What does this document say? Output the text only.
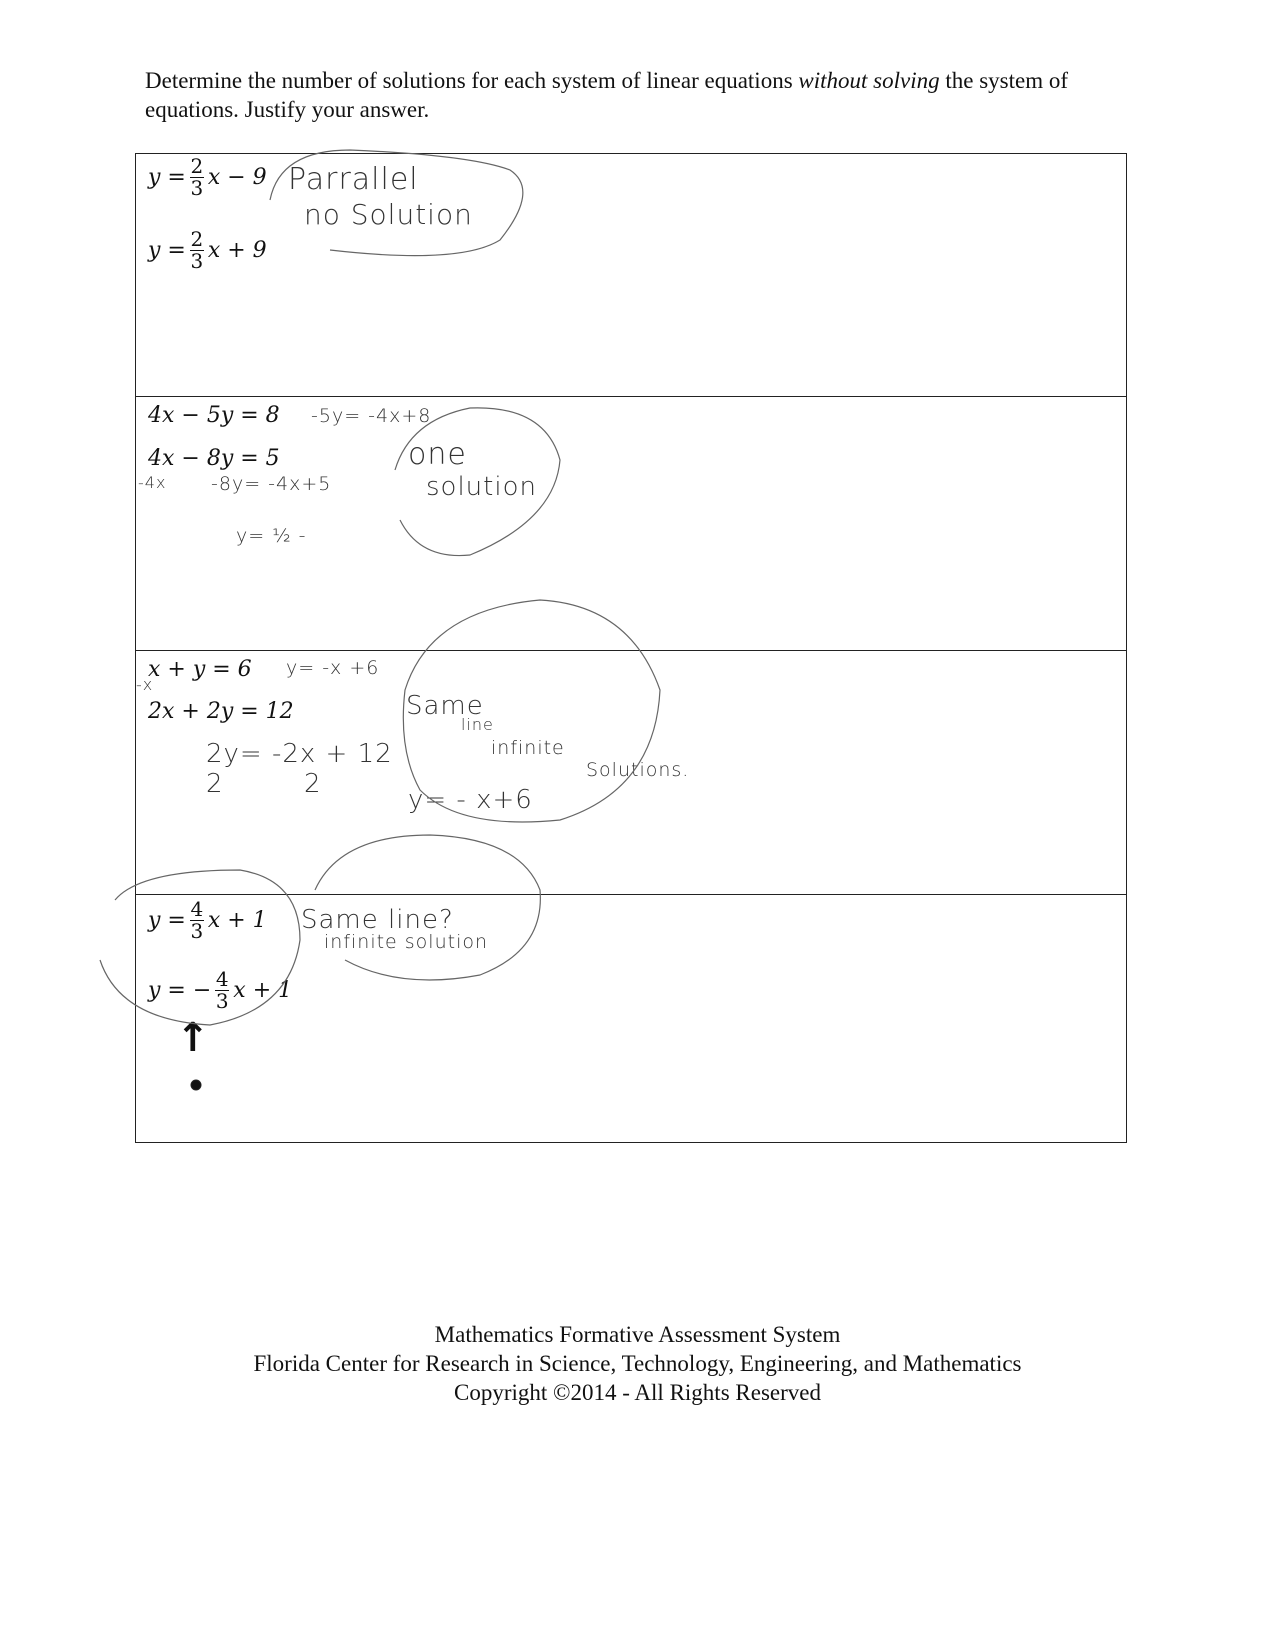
Determine the number of solutions for each system of linear equations without solving the system of equations. Justify your answer.
$y = \frac{2}{3}$ x − 9
$y = \frac{2}{3}$ x + 9
Parrallel
no Solution
4x − 5y = 8
4x − 8y = 5
-5y= -4x+8
-4x -8y= -4x+5
y= ½ -
one
solution
x + y = 6
2x + 2y = 12
y= -x +6
-x
2y= -2x + 12
2	2
Same
line
infinite
Solutions.
y= - x+6
$y = \frac{4}{3}$ x + 1
y = − $\frac{4}{3}$ x + 1
Same line?
infinite solution
↑
Mathematics Formative Assessment System
Florida Center for Research in Science, Technology, Engineering, and Mathematics
Copyright ©2014 - All Rights Reserved
